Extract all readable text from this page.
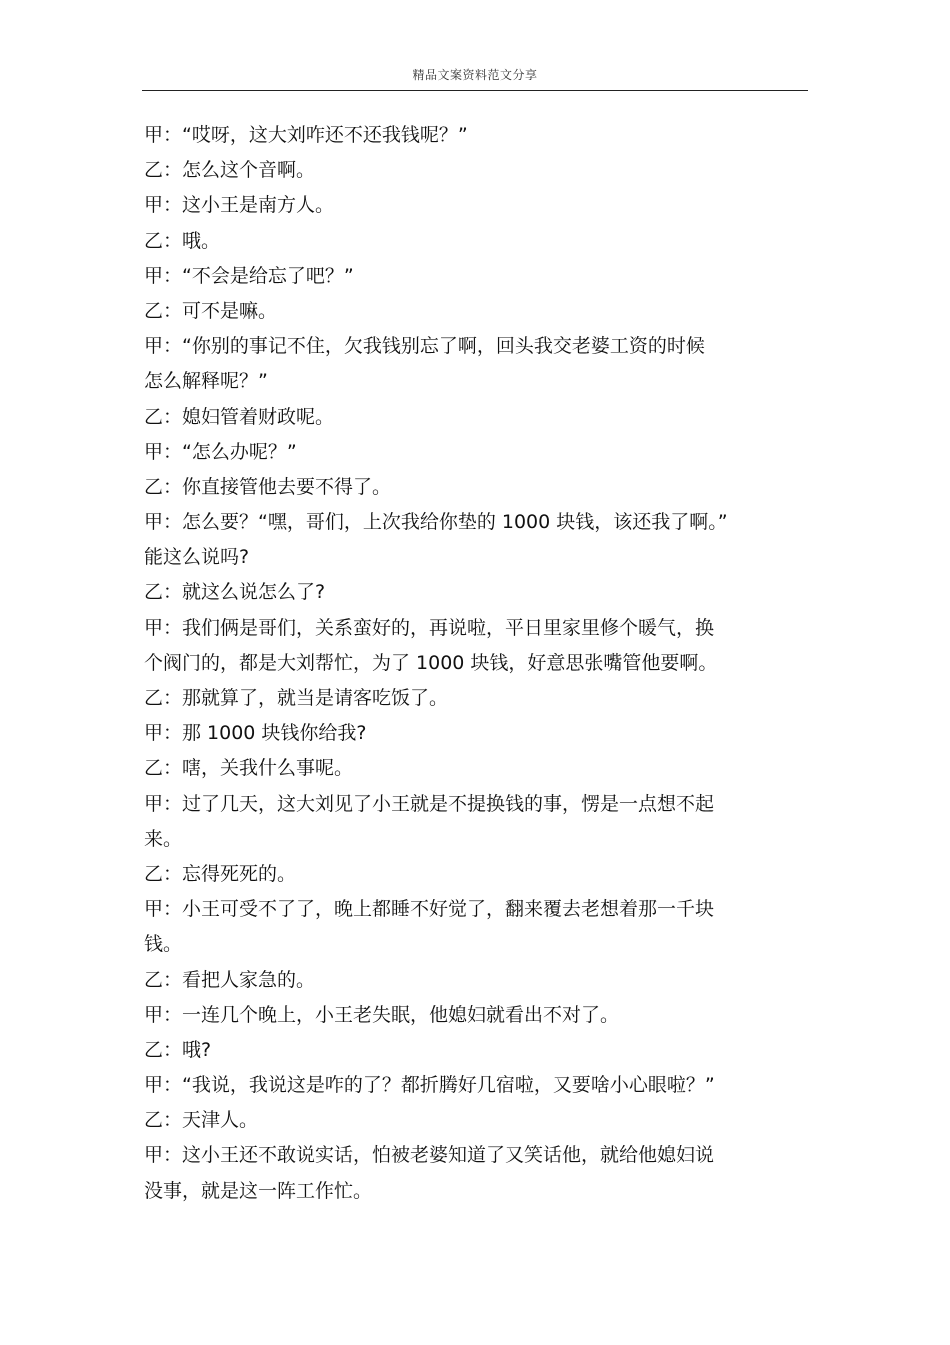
精品文案资料范文分享
甲：“哎呀，这大刘咋还不还我钱呢？”
乙：怎么这个音啊。
甲：这小王是南方人。
乙：哦。
甲：“不会是给忘了吧？”
乙：可不是嘛。
甲：“你别的事记不住，欠我钱别忘了啊，回头我交老婆工资的时候
怎么解释呢？”
乙：媳妇管着财政呢。
甲：“怎么办呢？”
乙：你直接管他去要不得了。
甲：怎么要？“嘿，哥们，上次我给你垫的 1000 块钱，该还我了啊。”
能这么说吗?
乙：就这么说怎么了?
甲：我们俩是哥们，关系蛮好的，再说啦，平日里家里修个暖气，换
个阀门的，都是大刘帮忙，为了 1000 块钱，好意思张嘴管他要啊。
乙：那就算了，就当是请客吃饭了。
甲：那 1000 块钱你给我?
乙：嗐，关我什么事呢。
甲：过了几天，这大刘见了小王就是不提换钱的事，愣是一点想不起
来。
乙：忘得死死的。
甲：小王可受不了了，晚上都睡不好觉了，翻来覆去老想着那一千块
钱。
乙：看把人家急的。
甲：一连几个晚上，小王老失眠，他媳妇就看出不对了。
乙：哦?
甲：“我说，我说这是咋的了？都折腾好几宿啦，又要啥小心眼啦？”
乙：天津人。
甲：这小王还不敢说实话，怕被老婆知道了又笑话他，就给他媳妇说
没事，就是这一阵工作忙。
